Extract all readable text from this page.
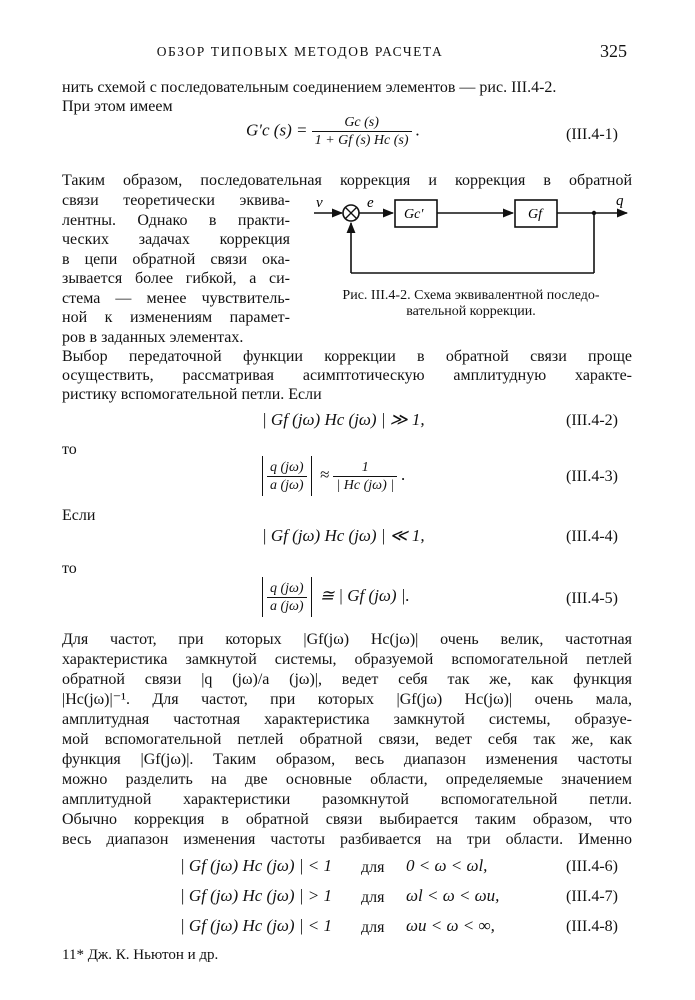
ОБЗОР ТИПОВЫХ МЕТОДОВ РАСЧЕТА	325
нить схемой с последовательным соединением элементов — рис. III.4-2.
При этом имеем
G′c $(s) = \frac{Gc (s)}{1 + Gf (s) Hc (s)}$ .	(III.4-1)
Таким образом, последовательная коррекция и коррекция в обратной
связи теоретически эквива-
лентны. Однако в практи-
ческих задачах коррекция
в цепи обратной связи ока-
зывается более гибкой, а си-
стема — менее чувствитель-
ной к изменениям парамет-
ров в заданных элементах.
v	e
Gc′	Gf
q
Рис. III.4-2. Схема эквивалентной последо-
вательной коррекции.
Выбор передаточной функции коррекции в обратной связи проще
осуществить, рассматривая асимптотическую амплитудную характе-
ристику вспомогательной петли. Если
| Gf (jω) Hc (jω) | ≫ 1,	(III.4-2)
то
$\frac{q (j\omega)}{a (j\omega)} \approx \frac{1}{| Hc (j\omega) |}$ .	(III.4-3)
Если
| Gf (jω) Hc (jω) | ≪ 1,	(III.4-4)
то
$\frac{q (j\omega)}{a (j\omega)}$ ≅ | Gf (jω) |.	(III.4-5)
Для частот, при которых |Gf(jω) Hc(jω)| очень велик, частотная
характеристика замкнутой системы, образуемой вспомогательной петлей
обратной связи |q (jω)/a (jω)|, ведет себя так же, как функция
|Hc(jω)|⁻¹. Для частот, при которых |Gf(jω) Hc(jω)| очень мала,
амплитудная частотная характеристика замкнутой системы, образуе-
мой вспомогательной петлей обратной связи, ведет себя так же, как
функция |Gf(jω)|. Таким образом, весь диапазон изменения частоты
можно разделить на две основные области, определяемые значением
амплитудной характеристики разомкнутой вспомогательной петли.
Обычно коррекция в обратной связи выбирается таким образом, что
весь диапазон изменения частоты разбивается на три области. Именно
| Gf (jω) Hc (jω) | < 1 для 0 < ω < ωl,	(III.4-6)
| Gf (jω) Hc (jω) | > 1 для ωl < ω < ωu,	(III.4-7)
| Gf (jω) Hc (jω) | < 1 для ωu < ω < ∞,	(III.4-8)
11* Дж. К. Ньютон и др.
